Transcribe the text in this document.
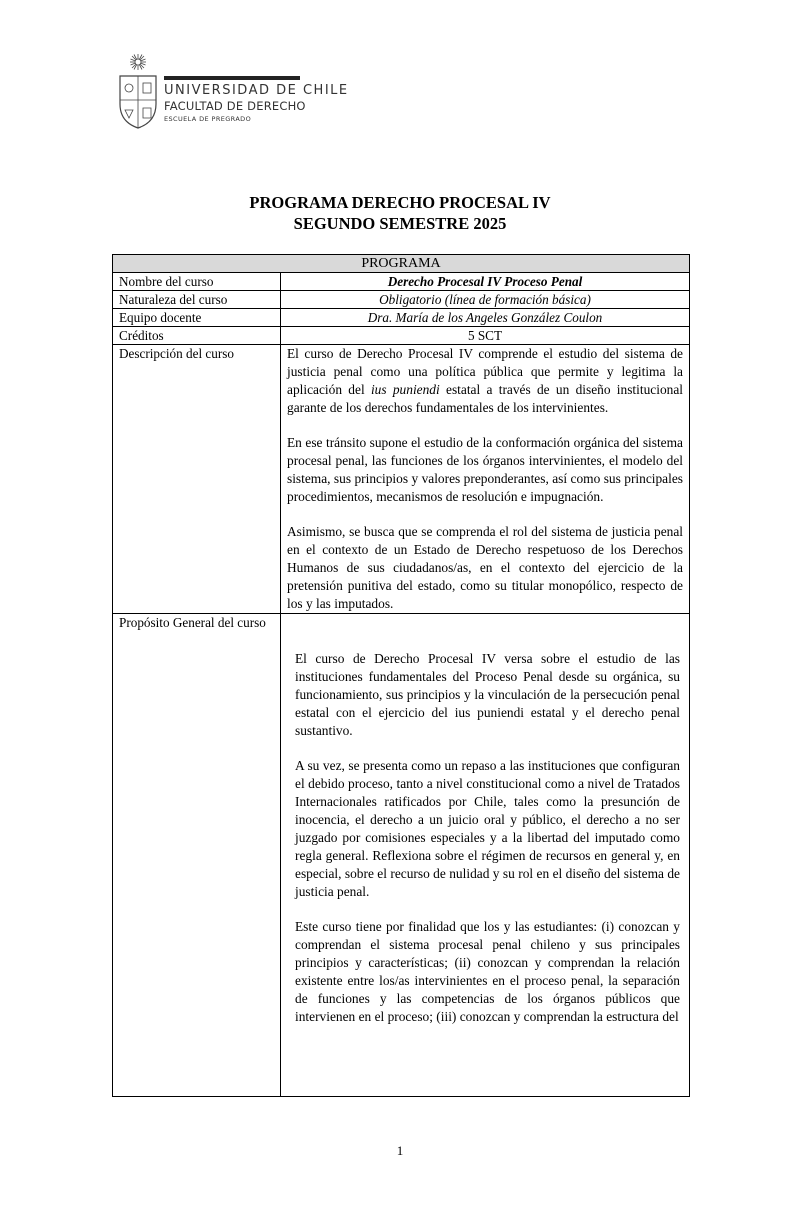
UNIVERSIDAD DE CHILE
FACULTAD DE DERECHO
ESCUELA DE PREGRADO
PROGRAMA DERECHO PROCESAL IV
SEGUNDO SEMESTRE 2025
PROGRAMA	
Nombre del curso	Derecho Procesal IV Proceso Penal
Naturaleza del curso	Obligatorio (línea de formación básica)
Equipo docente	Dra. María de los Angeles González Coulon
Créditos	5 SCT
Descripción del curso	El curso de Derecho Procesal IV comprende el estudio del sistema de justicia penal como una política pública que permite y legitima la aplicación del ius puniendi estatal a través de un diseño institucional garante de los derechos fundamentales de los intervinientes.

En ese tránsito supone el estudio de la conformación orgánica del sistema procesal penal, las funciones de los órganos intervinientes, el modelo del sistema, sus principios y valores preponderantes, así como sus principales procedimientos, mecanismos de resolución e impugnación.

Asimismo, se busca que se comprenda el rol del sistema de justicia penal en el contexto de un Estado de Derecho respetuoso de los Derechos Humanos de sus ciudadanos/as, en el contexto del ejercicio de la pretensión punitiva del estado, como su titular monopólico, respecto de los y las imputados.

Propósito General del curso	El curso de Derecho Procesal IV versa sobre el estudio de las instituciones fundamentales del Proceso Penal desde su orgánica, su funcionamiento, sus principios y la vinculación de la persecución penal estatal con el ejercicio del ius puniendi estatal y el derecho penal sustantivo.

A su vez, se presenta como un repaso a las instituciones que configuran el debido proceso, tanto a nivel constitucional como a nivel de Tratados Internacionales ratificados por Chile, tales como la presunción de inocencia, el derecho a un juicio oral y público, el derecho a no ser juzgado por comisiones especiales y a la libertad del imputado como regla general. Reflexiona sobre el régimen de recursos en general y, en especial, sobre el recurso de nulidad y su rol en el diseño del sistema de justicia penal.

Este curso tiene por finalidad que los y las estudiantes: (i) conozcan y comprendan el sistema procesal penal chileno y sus principales principios y características; (ii) conozcan y comprendan la relación existente entre los/as intervinientes en el proceso penal, la separación de funciones y las competencias de los órganos públicos que intervienen en el proceso; (iii) conozcan y comprendan la estructura del

1
